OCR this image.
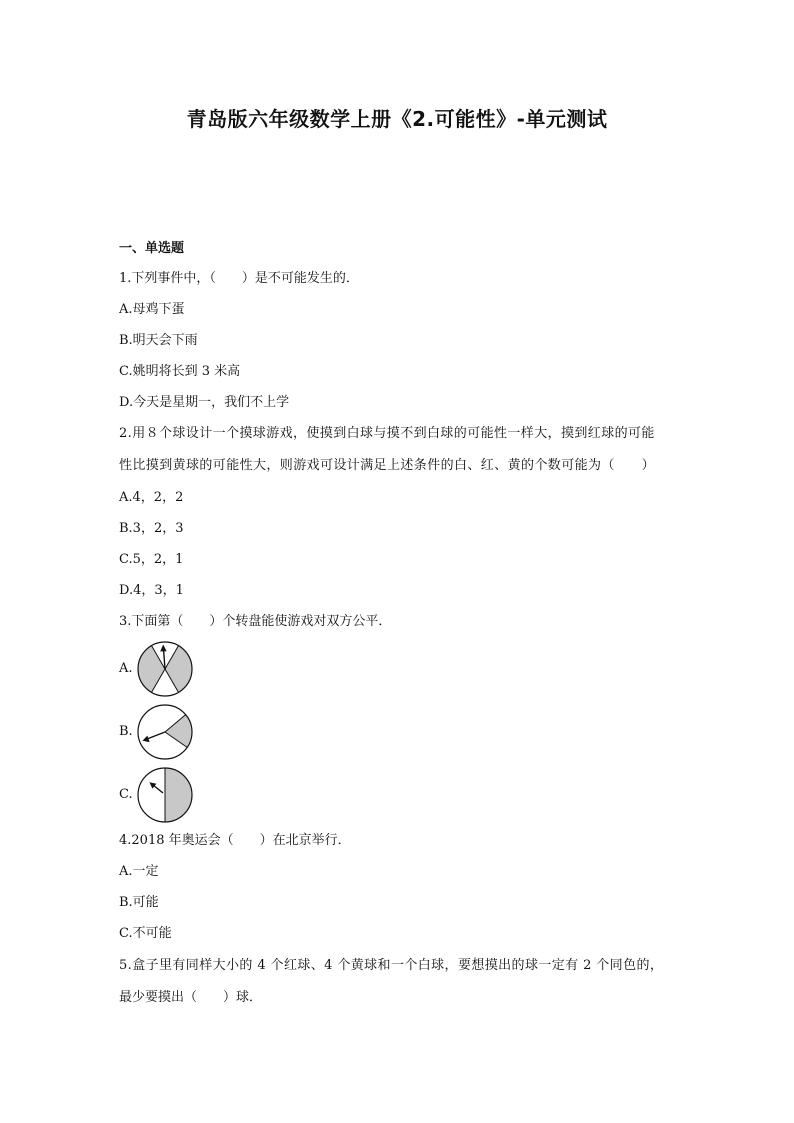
青岛版六年级数学上册《2.可能性》-单元测试
一、单选题
1.下列事件中，（　　）是不可能发生的．
A.母鸡下蛋
B.明天会下雨
C.姚明将长到 3 米高
D.今天是星期一，我们不上学
2.用８个球设计一个摸球游戏，使摸到白球与摸不到白球的可能性一样大，摸到红球的可能
性比摸到黄球的可能性大，则游戏可设计满足上述条件的白、红、黄的个数可能为（　　）
A.4，2，2
B.3，2，3
C.5，2，1
D.4，3，1
3.下面第（　　）个转盘能使游戏对双方公平．
A.
B.
C.
4.2018 年奥运会（　　）在北京举行．
A.一定
B.可能
C.不可能
5.盒子里有同样大小的 4 个红球、4 个黄球和一个白球，要想摸出的球一定有 2 个同色的，
最少要摸出（　　）球．
